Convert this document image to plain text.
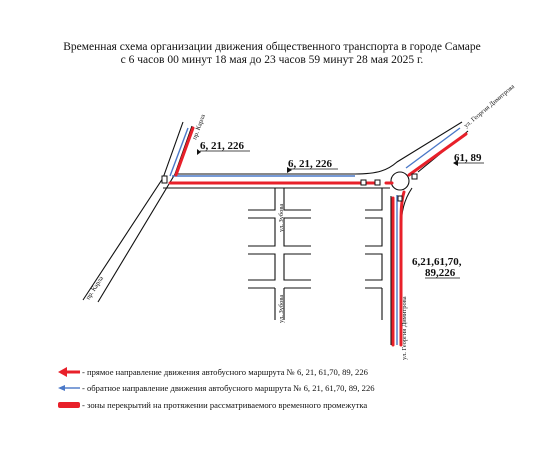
Временная схема организации движения общественного транспорта в городе Самаре
с 6 часов 00 минут 18 мая до 23 часов 59 минут 28 мая 2025 г.
6, 21, 226
6, 21, 226	61, 89
6,21,61,70,
89,226
пр. Карла
пр. Карла
ул. Георгия Димитрова
ул. Георгия Димитрова
ул. Зубова
ул. Зубова
- прямое направление движения автобусного маршрута № 6, 21, 61,70, 89, 226
- обратное направление движения автобусного маршрута № 6, 21, 61,70, 89, 226
- зоны перекрытий на протяжении рассматриваемого временного промежутка
